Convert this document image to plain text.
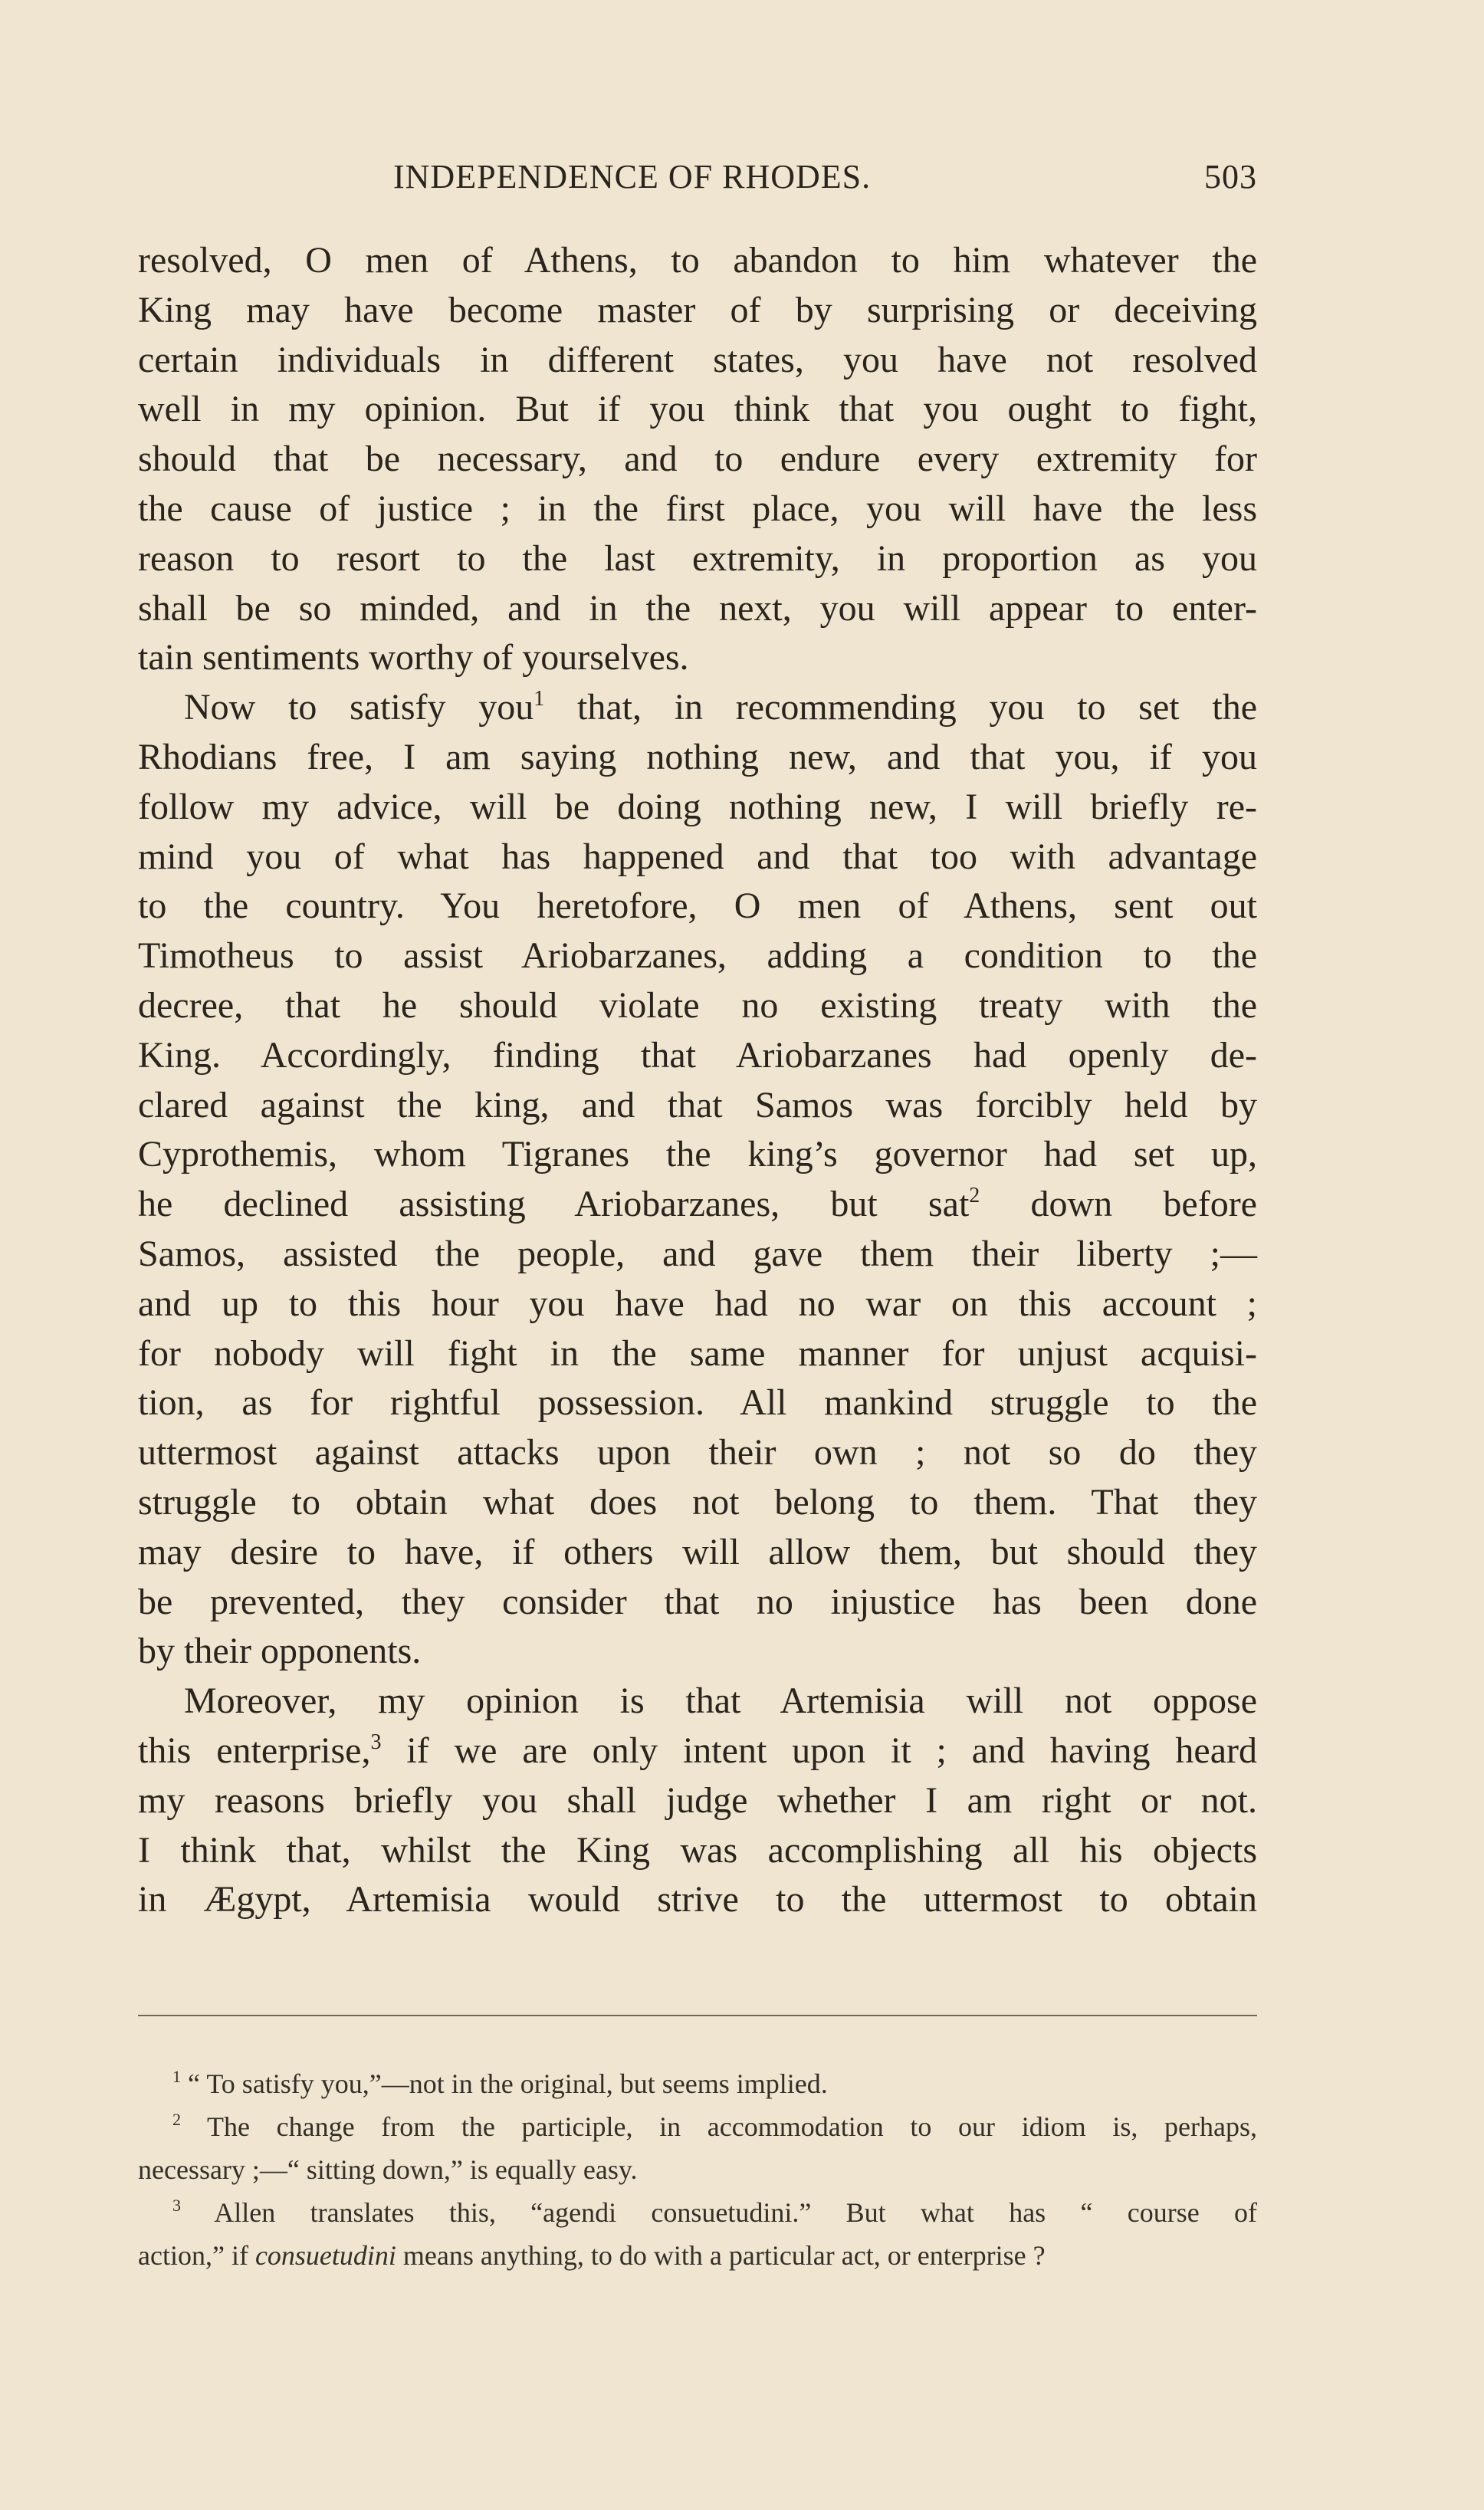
INDEPENDENCE OF RHODES.	503
resolved, O men of Athens, to abandon to him whatever the
King may have become master of by surprising or deceiving
certain individuals in different states, you have not resolved
well in my opinion. But if you think that you ought to fight,
should that be necessary, and to endure every extremity for
the cause of justice ; in the first place, you will have the less
reason to resort to the last extremity, in proportion as you
shall be so minded, and in the next, you will appear to enter-
tain sentiments worthy of yourselves.
Now to satisfy you$^1$ that, in recommending you to set the
Rhodians free, I am saying nothing new, and that you, if you
follow my advice, will be doing nothing new, I will briefly re-
mind you of what has happened and that too with advantage
to the country. You heretofore, O men of Athens, sent out
Timotheus to assist Ariobarzanes, adding a condition to the
decree, that he should violate no existing treaty with the
King. Accordingly, finding that Ariobarzanes had openly de-
clared against the king, and that Samos was forcibly held by
Cyprothemis, whom Tigranes the king’s governor had set up,
he declined assisting Ariobarzanes, but sat$^2$ down before
Samos, assisted the people, and gave them their liberty ;—
and up to this hour you have had no war on this account ;
for nobody will fight in the same manner for unjust acquisi-
tion, as for rightful possession. All mankind struggle to the
uttermost against attacks upon their own ; not so do they
struggle to obtain what does not belong to them. That they
may desire to have, if others will allow them, but should they
be prevented, they consider that no injustice has been done
by their opponents.
Moreover, my opinion is that Artemisia will not oppose
this enterprise,$^3$ if we are only intent upon it ; and having heard
my reasons briefly you shall judge whether I am right or not.
I think that, whilst the King was accomplishing all his objects
in Ægypt, Artemisia would strive to the uttermost to obtain
$^1$ “ To satisfy you,”—not in the original, but seems implied.
$^2$ The change from the participle, in accommodation to our idiom is, perhaps,
necessary ;—“ sitting down,” is equally easy.
$^3$ Allen translates this, “agendi consuetudini.” But what has “ course of
action,” if consuetudini means anything, to do with a particular act, or enterprise ?
